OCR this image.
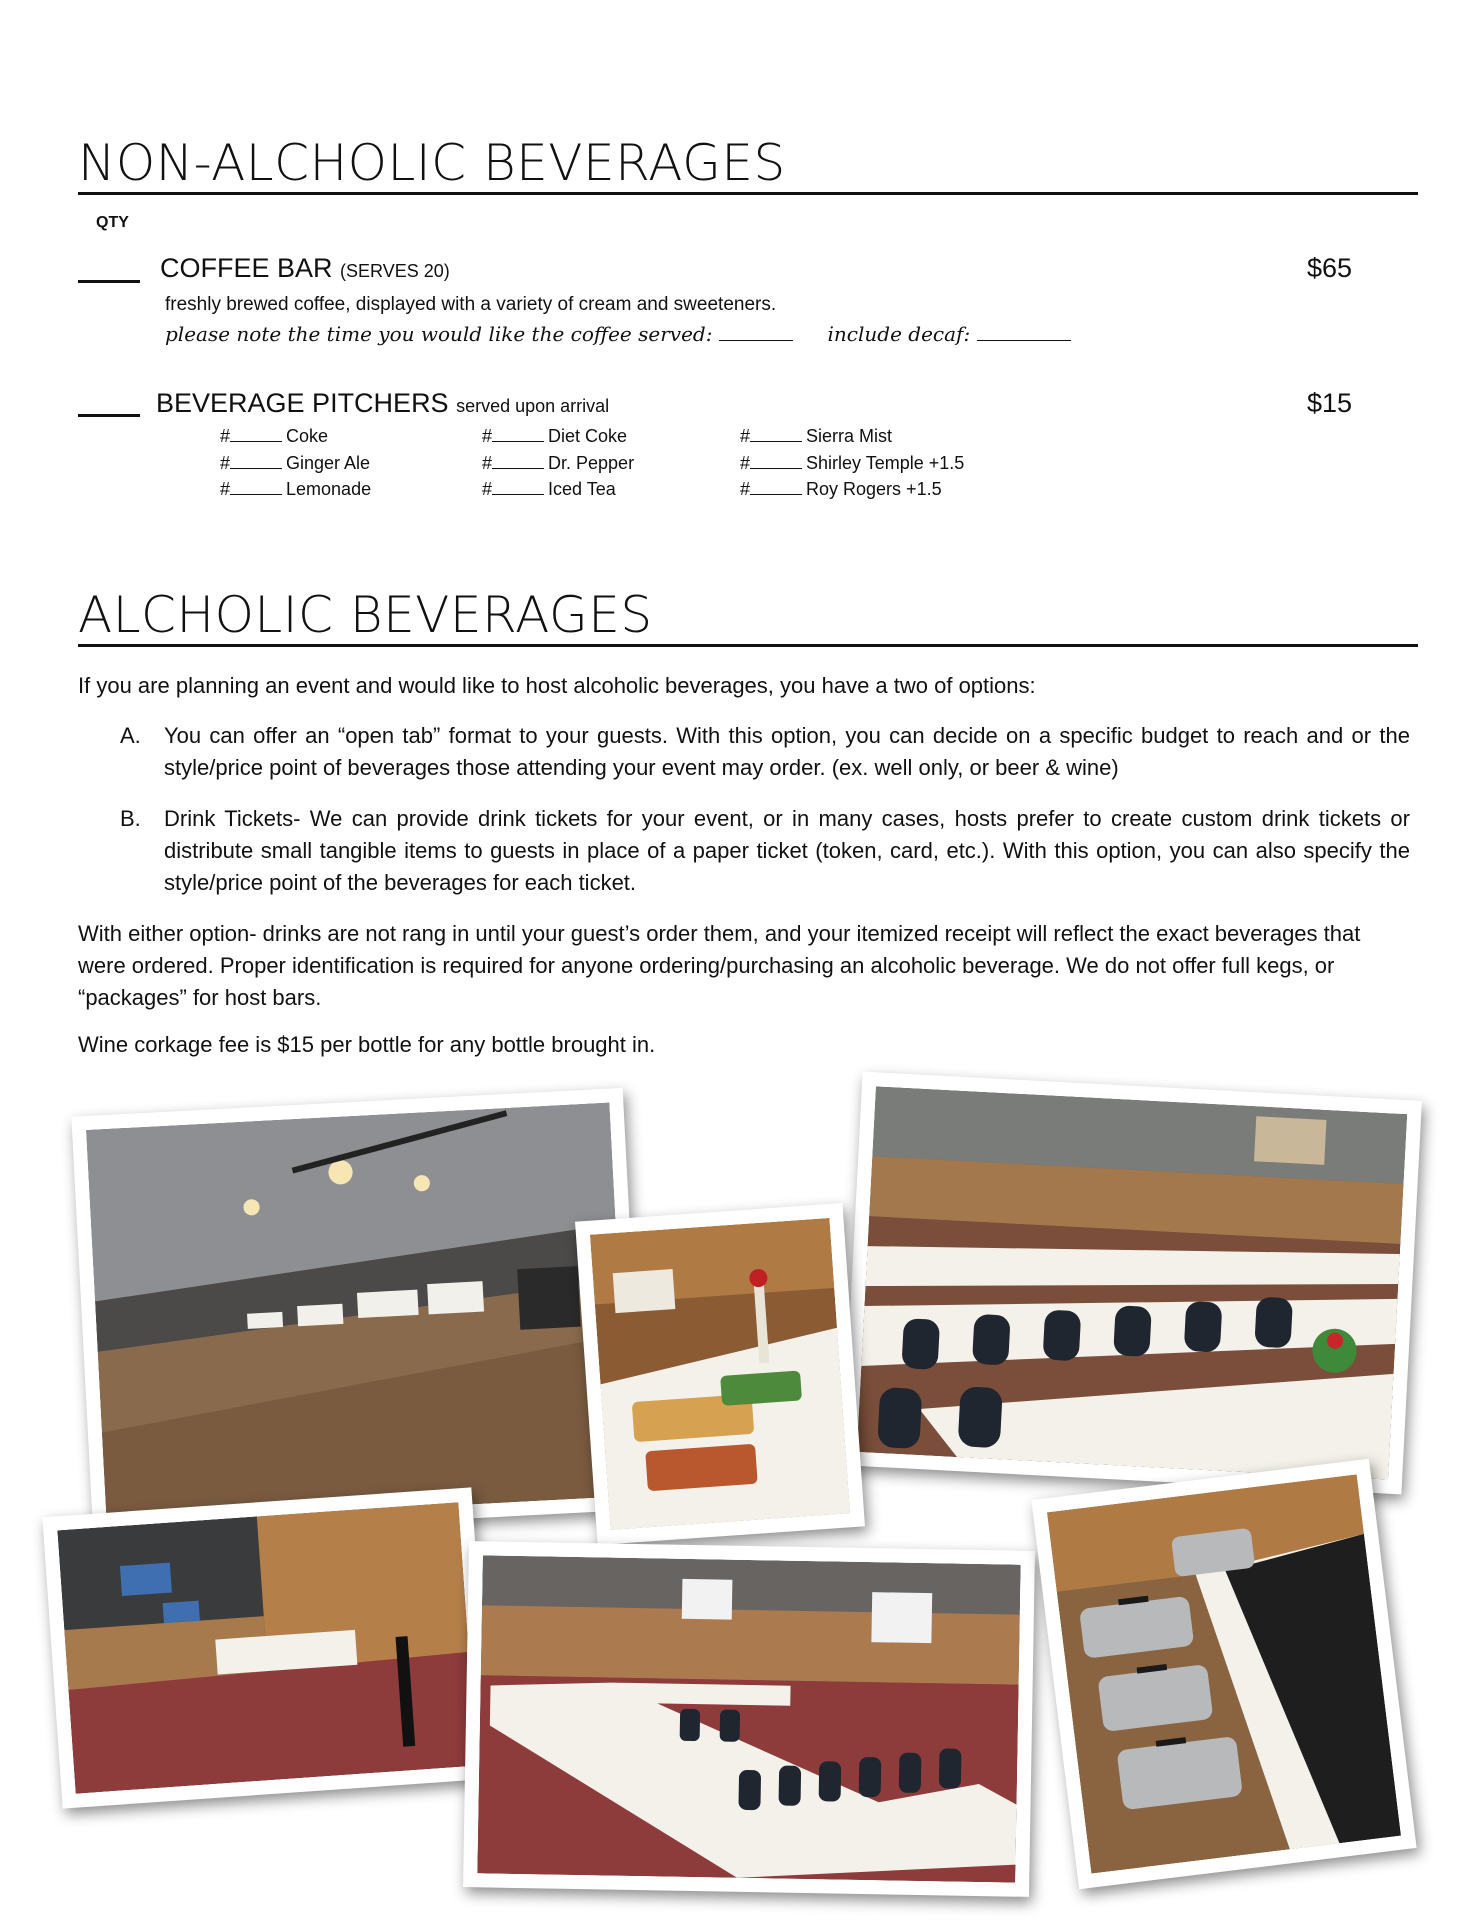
NON-ALCHOLIC BEVERAGES
QTY
COFFEE BAR (SERVES 20)	$65
freshly brewed coffee, displayed with a variety of cream and sweeteners.
please note the time you would like the coffee served:	include decaf:
BEVERAGE PITCHERS served upon arrival	$15
#	Coke	#	Diet Coke	#	Sierra Mist
#	Ginger Ale	#	Dr. Pepper	#	Shirley Temple +1.5
#	Lemonade	#	Iced Tea	#	Roy Rogers +1.5
ALCHOLIC BEVERAGES
If you are planning an event and would like to host alcoholic beverages, you have a two of options:
A. You can offer an “open tab” format to your guests. With this option, you can decide on a specific budget to reach and or the style/price point of beverages those attending your event may order. (ex. well only, or beer & wine)
B. Drink Tickets- We can provide drink tickets for your event, or in many cases, hosts prefer to create custom drink tickets or distribute small tangible items to guests in place of a paper ticket (token, card, etc.). With this option, you can also specify the style/price point of the beverages for each ticket.
With either option- drinks are not rang in until your guest’s order them, and your itemized receipt will reflect the exact beverages that were ordered. Proper identification is required for anyone ordering/purchasing an alcoholic beverage. We do not offer full kegs, or “packages” for host bars.
Wine corkage fee is $15 per bottle for any bottle brought in.
